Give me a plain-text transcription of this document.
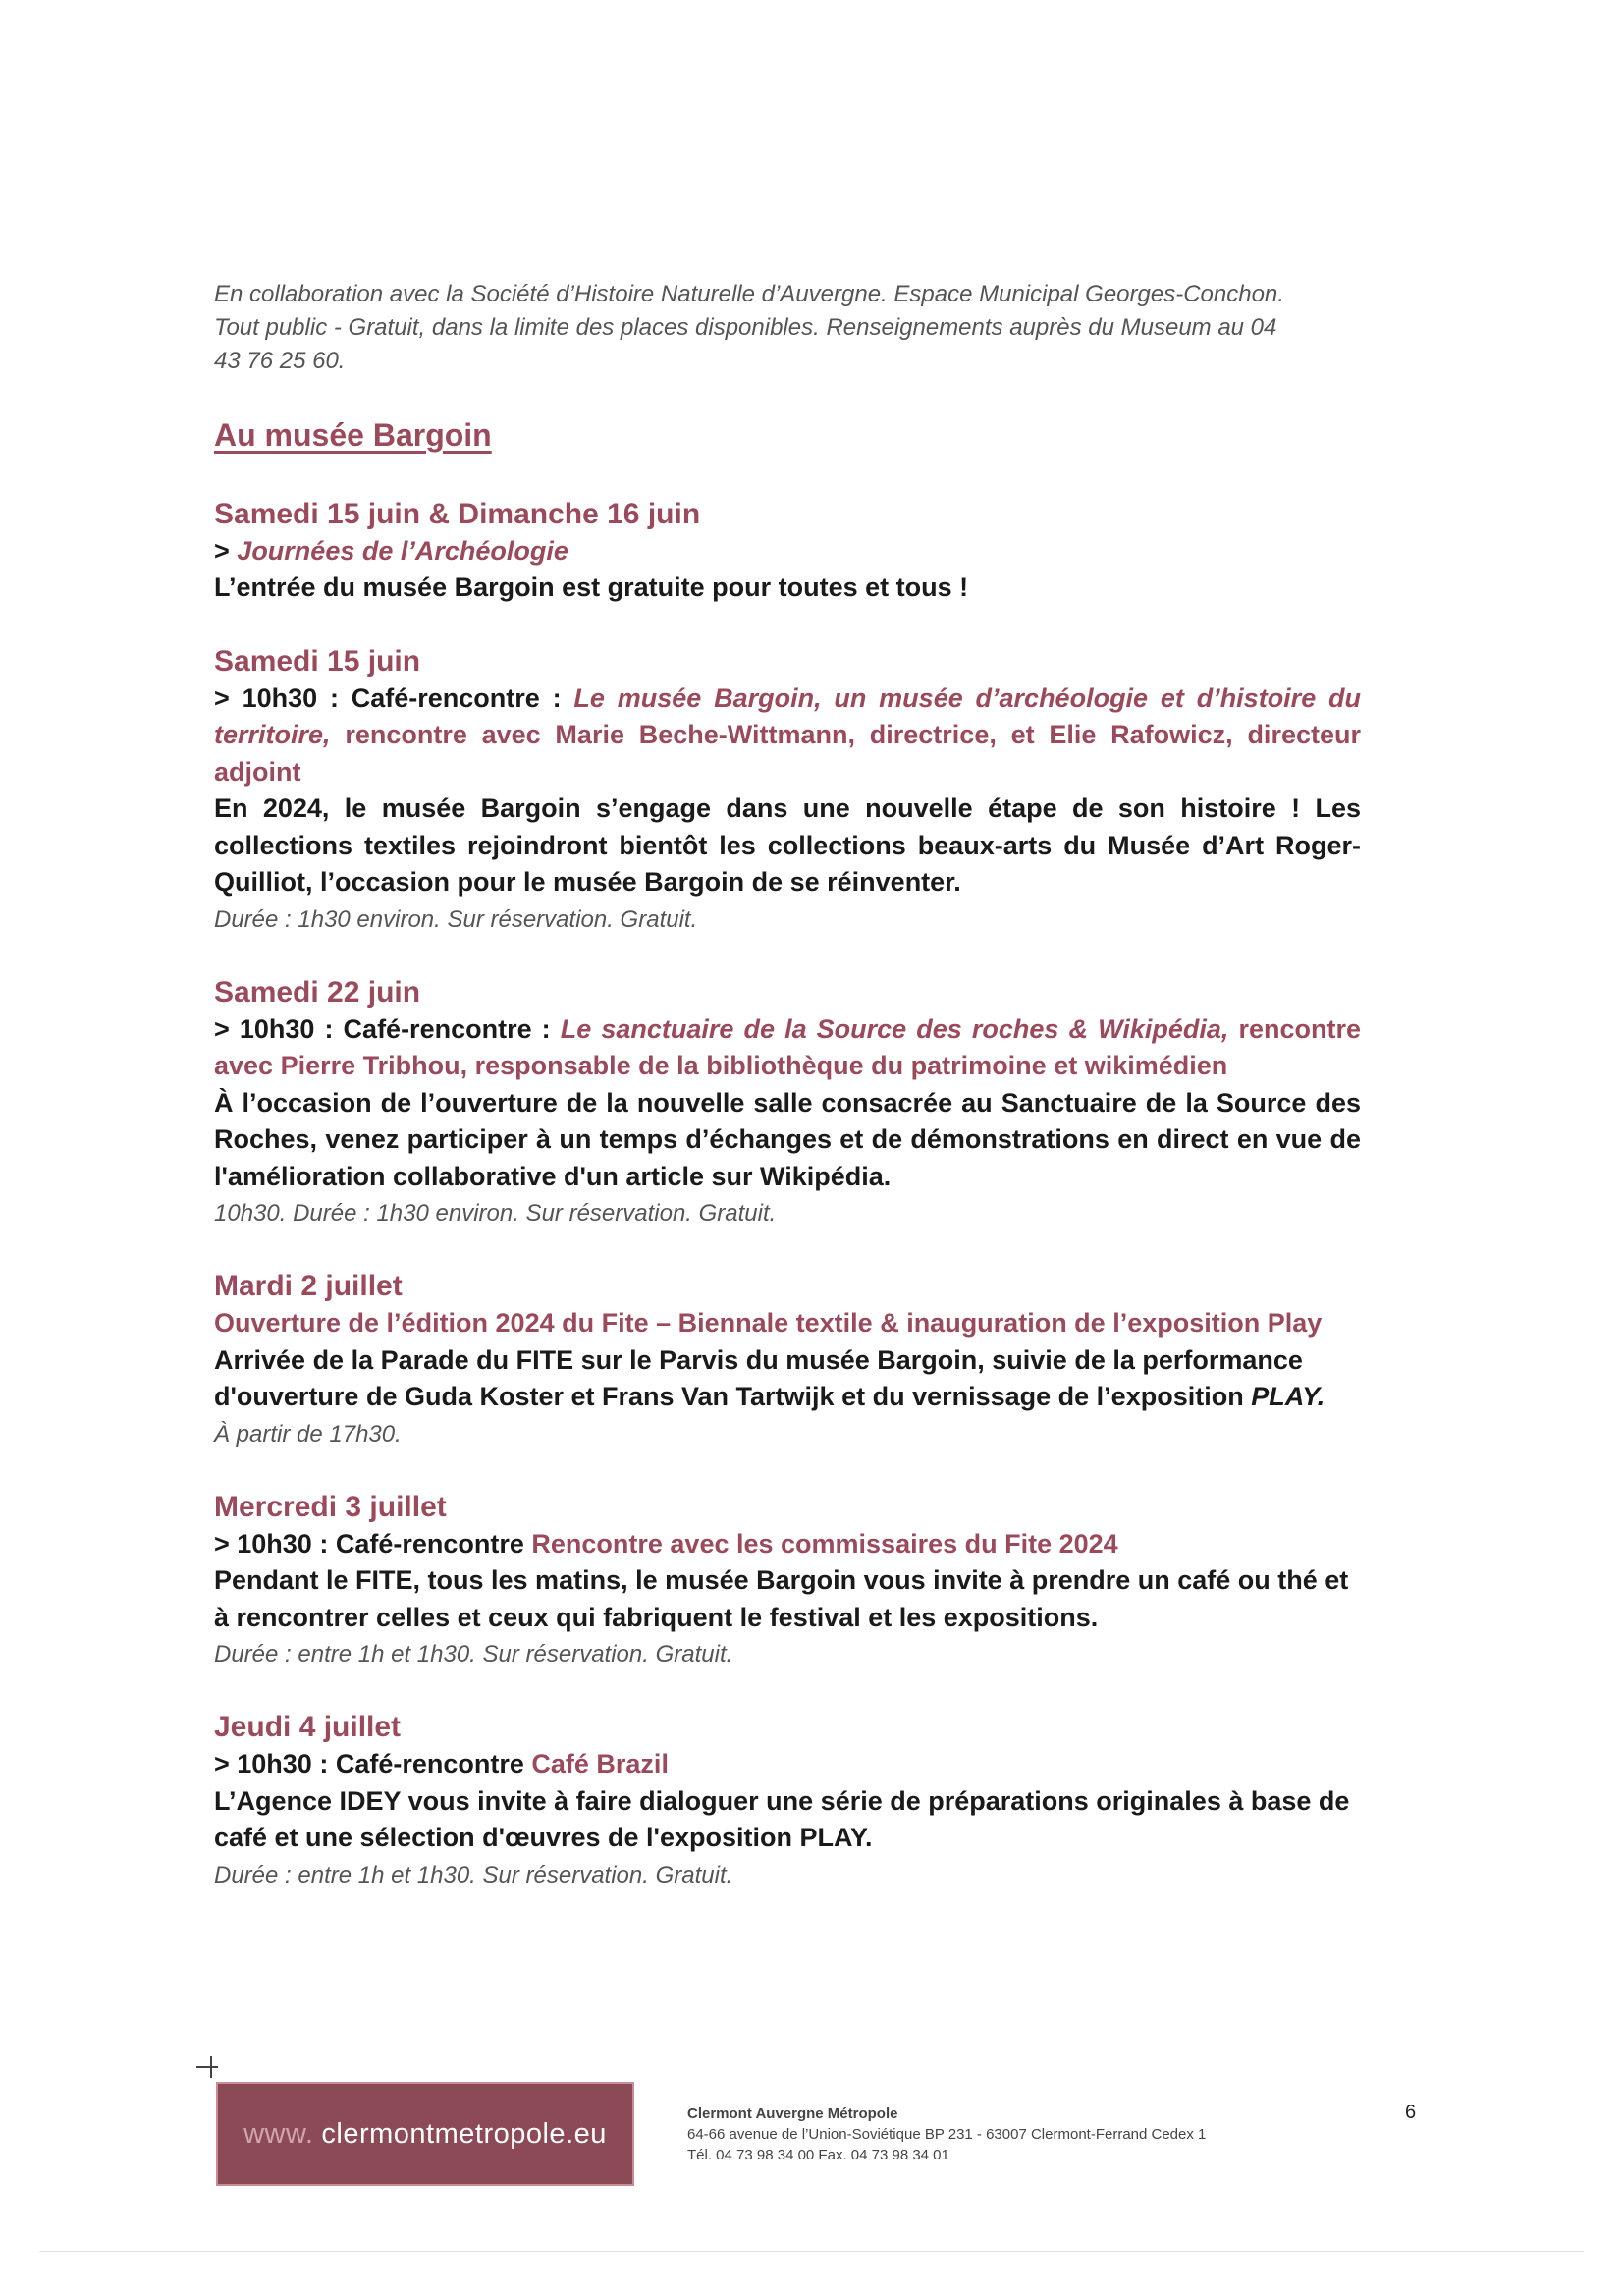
En collaboration avec la Société d’Histoire Naturelle d’Auvergne. Espace Municipal Georges-Conchon.

Tout public - Gratuit, dans la limite des places disponibles. Renseignements auprès du Museum au 04

43 76 25 60.

Au musée Bargoin
Samedi 15 juin & Dimanche 16 juin

> Journées de l’Archéologie

L’entrée du musée Bargoin est gratuite pour toutes et tous !

Samedi 15 juin

> 10h30 : Café-rencontre : Le musée Bargoin, un musée d’archéologie et d’histoire du territoire, rencontre avec Marie Beche-Wittmann, directrice, et Elie Rafowicz, directeur adjoint

En 2024, le musée Bargoin s’engage dans une nouvelle étape de son histoire ! Les collections textiles rejoindront bientôt les collections beaux-arts du Musée d’Art Roger-Quilliot, l’occasion pour le musée Bargoin de se réinventer.

Durée : 1h30 environ. Sur réservation. Gratuit.

Samedi 22 juin

> 10h30 : Café-rencontre : Le sanctuaire de la Source des roches & Wikipédia, rencontre avec Pierre Tribhou, responsable de la bibliothèque du patrimoine et wikimédien

À l’occasion de l’ouverture de la nouvelle salle consacrée au Sanctuaire de la Source des Roches, venez participer à un temps d’échanges et de démonstrations en direct en vue de l'amélioration collaborative d'un article sur Wikipédia.

10h30. Durée : 1h30 environ. Sur réservation. Gratuit.

Mardi 2 juillet

Ouverture de l’édition 2024 du Fite – Biennale textile & inauguration de l’exposition Play

Arrivée de la Parade du FITE sur le Parvis du musée Bargoin, suivie de la performance d'ouverture de Guda Koster et Frans Van Tartwijk et du vernissage de l’exposition PLAY.

À partir de 17h30.

Mercredi 3 juillet

> 10h30 : Café-rencontre Rencontre avec les commissaires du Fite 2024

Pendant le FITE, tous les matins, le musée Bargoin vous invite à prendre un café ou thé et à rencontrer celles et ceux qui fabriquent le festival et les expositions.

Durée : entre 1h et 1h30. Sur réservation. Gratuit.

Jeudi 4 juillet

> 10h30 : Café-rencontre Café Brazil

L’Agence IDEY vous invite à faire dialoguer une série de préparations originales à base de café et une sélection d'œuvres de l'exposition PLAY.

Durée : entre 1h et 1h30. Sur réservation. Gratuit.

www. clermontmetropole.eu
Clermont Auvergne Métropole
64-66 avenue de l’Union-Soviétique BP 231 - 63007 Clermont-Ferrand Cedex 1
Tél. 04 73 98 34 00 Fax. 04 73 98 34 01
6
